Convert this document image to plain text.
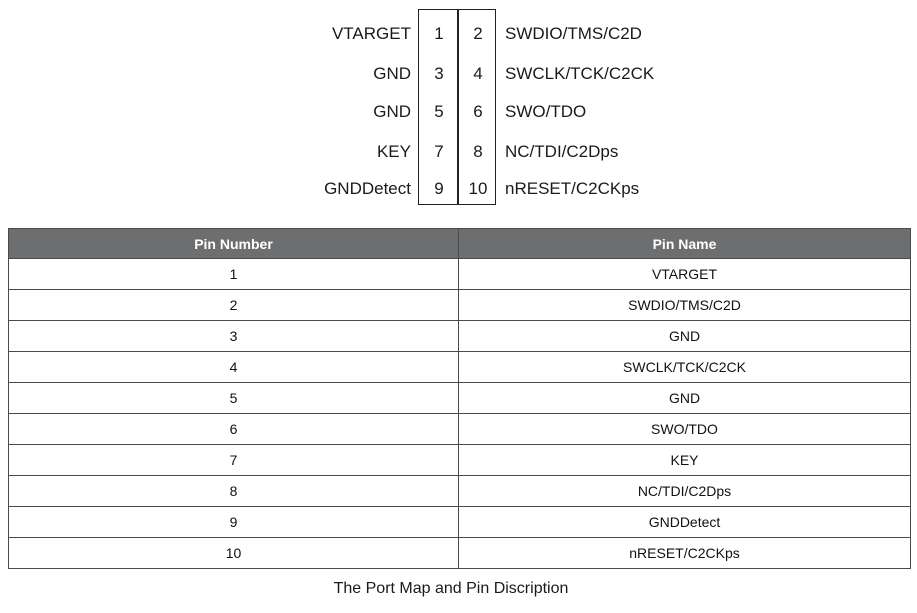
VTARGET	1	2	SWDIO/TMS/C2D
GND	3	4	SWCLK/TCK/C2CK
GND	5	6	SWO/TDO
KEY	7	8	NC/TDI/C2Dps
GNDDetect	9	10	nRESET/C2CKps
Pin Number	Pin Name
1	VTARGET
2	SWDIO/TMS/C2D
3	GND
4	SWCLK/TCK/C2CK
5	GND
6	SWO/TDO
7	KEY
8	NC/TDI/C2Dps
9	GNDDetect
10	nRESET/C2CKps
The Port Map and Pin Discription
